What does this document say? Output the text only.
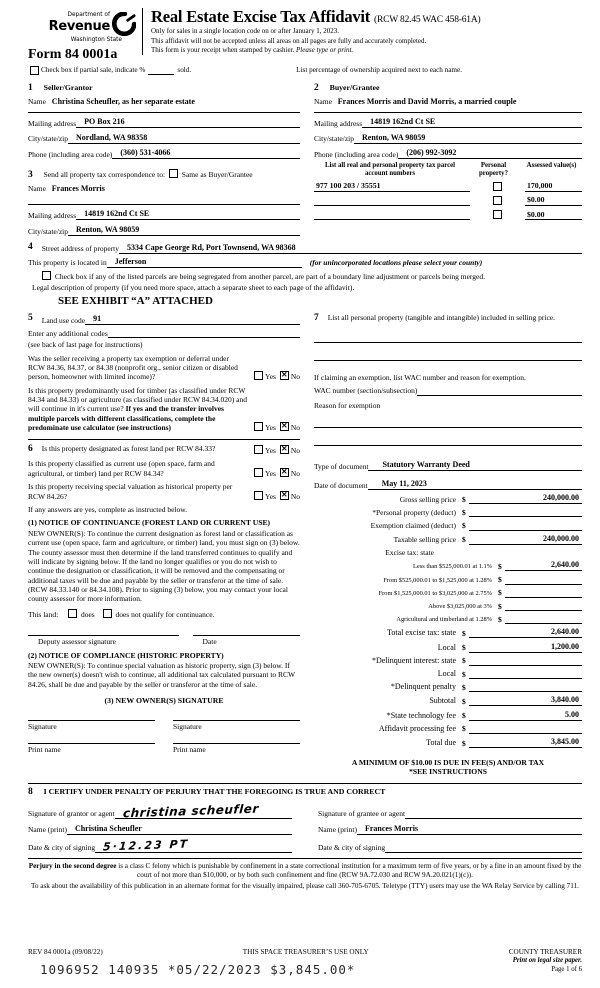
Department of
Revenue
Washington State
Form 84 0001a
Real Estate Excise Tax Affidavit (RCW 82.45 WAC 458-61A)
Only for sales in a single location code on or after January 1, 2023.
This affidavit will not be accepted unless all areas on all pages are fully and accurately completed.
This form is your receipt when stamped by cashier. Please type or print.
Check box if partial sale, indicate %	sold.	List percentage of ownership acquired next to each name.
1 Seller/Grantor
Name Christina Scheufler, as her separate estate
Mailing address	PO Box 216
City/state/zip	Nordland, WA 98358
Phone (including area code)	(360) 531-4066
3 Send all property tax correspondence to: Same as Buyer/Grantee
Name Frances Morris
Mailing address	14819 162nd Ct SE
City/state/zip	Renton, WA 98059
2 Buyer/Grantee
Name Frances Morris and David Morris, a married couple
Mailing address	14819 162nd Ct SE
City/state/zip	Renton, WA 98059
Phone (including area code)	(206) 992-3092
List all real and personal property tax parcel account numbers
Personal property?
Assessed value(s)
977 100 203 / 35551	170,000
$0.00
$0.00
4 Street address of property	5334 Cape George Rd, Port Townsend, WA 98368
This property is located in	Jefferson	(for unincorporated locations please select your county)
Check box if any of the listed parcels are being segregated from another parcel, are part of a boundary line adjustment or parcels being merged.
Legal description of property (if you need more space, attach a separate sheet to each page of the affidavit).
SEE EXHIBIT “A” ATTACHED
5 Land use code	91
Enter any additional codes
(see back of last page for instructions)
Was the seller receiving a property tax exemption or deferral under RCW 84.36, 84.37, or 84.38 (nonprofit org., senior citizen or disabled person, homeowner with limited income)?	Yes ✕ No
Is this property predominantly used for timber (as classified under RCW 84.34 and 84.33) or agriculture (as classified under RCW 84.34.020) and will continue in it's current use? If yes and the transfer involves multiple parcels with different classifications, complete the predominate use calculator (see instructions)	Yes ✕ No
6 Is this property designated as forest land per RCW 84.33?	Yes ✕ No
Is this property classified as current use (open space, farm and agricultural, or timber) land per RCW 84.34?	Yes ✕ No
Is this property receiving special valuation as historical property per RCW 84.26?	Yes ✕ No
If any answers are yes, complete as instructed below.
(1) NOTICE OF CONTINUANCE (FOREST LAND OR CURRENT USE)
NEW OWNER(S): To continue the current designation as forest land or classification as current use (open space, farm and agriculture, or timber) land, you must sign on (3) below. The county assessor must then determine if the land transferred continues to qualify and will indicate by signing below. If the land no longer qualifies or you do not wish to continue the designation or classification, it will be removed and the compensating or additional taxes will be due and payable by the seller or transferor at the time of sale. (RCW 84.33.140 or 84.34.108). Prior to signing (3) below, you may contact your local county assessor for more information.
This land:	does	does not qualify for continuance.
Deputy assessor signature	Date
(2) NOTICE OF COMPLIANCE (HISTORIC PROPERTY)
NEW OWNER(S): To continue special valuation as historic property, sign (3) below. If the new owner(s) doesn't wish to continue, all additional tax calculated pursuant to RCW 84.26, shall be due and payable by the seller or transferor at the time of sale.
(3) NEW OWNER(S) SIGNATURE
Signature	Signature
Print name	Print name
7 List all personal property (tangible and intangible) included in selling price.
If claiming an exemption, list WAC number and reason for exemption.
WAC number (section/subsection)
Reason for exemption
Type of document	Statutory Warranty Deed
Date of document	May 11, 2023
Gross selling price $	240,000.00
*Personal property (deduct) $
Exemption claimed (deduct) $
Taxable selling price $	240,000.00
Excise tax: state
Less than $525,000.01 at 1.1% $	2,640.00
From $525,000.01 to $1,525,000 at 1.28% $
From $1,525,000.01 to $3,025,000 at 2.75% $
Above $3,025,000 at 3% $
Agricultural and timberland at 1.28% $
Total excise tax: state $	2,640.00
Local $	1,200.00
*Delinquent interest: state $
Local $
*Delinquent penalty $
Subtotal $	3,840.00
*State technology fee $	5.00
Affidavit processing fee $
Total due $	3,845.00
A MINIMUM OF $10.00 IS DUE IN FEE(S) AND/OR TAX
*SEE INSTRUCTIONS
8 I CERTIFY UNDER PENALTY OF PERJURY THAT THE FOREGOING IS TRUE AND CORRECT
Signature of grantor or agent christina scheufler	Signature of grantee or agent
Name (print)	Christina Scheufler	Name (print)	Frances Morris
Date & city of signing 5·12.23 PT	Date & city of signing
Perjury in the second degree is a class C felony which is punishable by confinement in a state correctional institution for a maximum term of five years, or by a fine in an amount fixed by the court of not more than $10,000, or by both such confinement and fine (RCW 9A.72.030 and RCW 9A.20.021(1)(c)).
To ask about the availability of this publication in an alternate format for the visually impaired, please call 360-705-6705. Teletype (TTY) users may use the WA Relay Service by calling 711.
REV 84 0001a (09/08/22)	THIS SPACE TREASURER’S USE ONLY	COUNTY TREASURER
Print on legal size paper.
Page 1 of 6
1096952 140935 *05/22/2023 $3,845.00*
